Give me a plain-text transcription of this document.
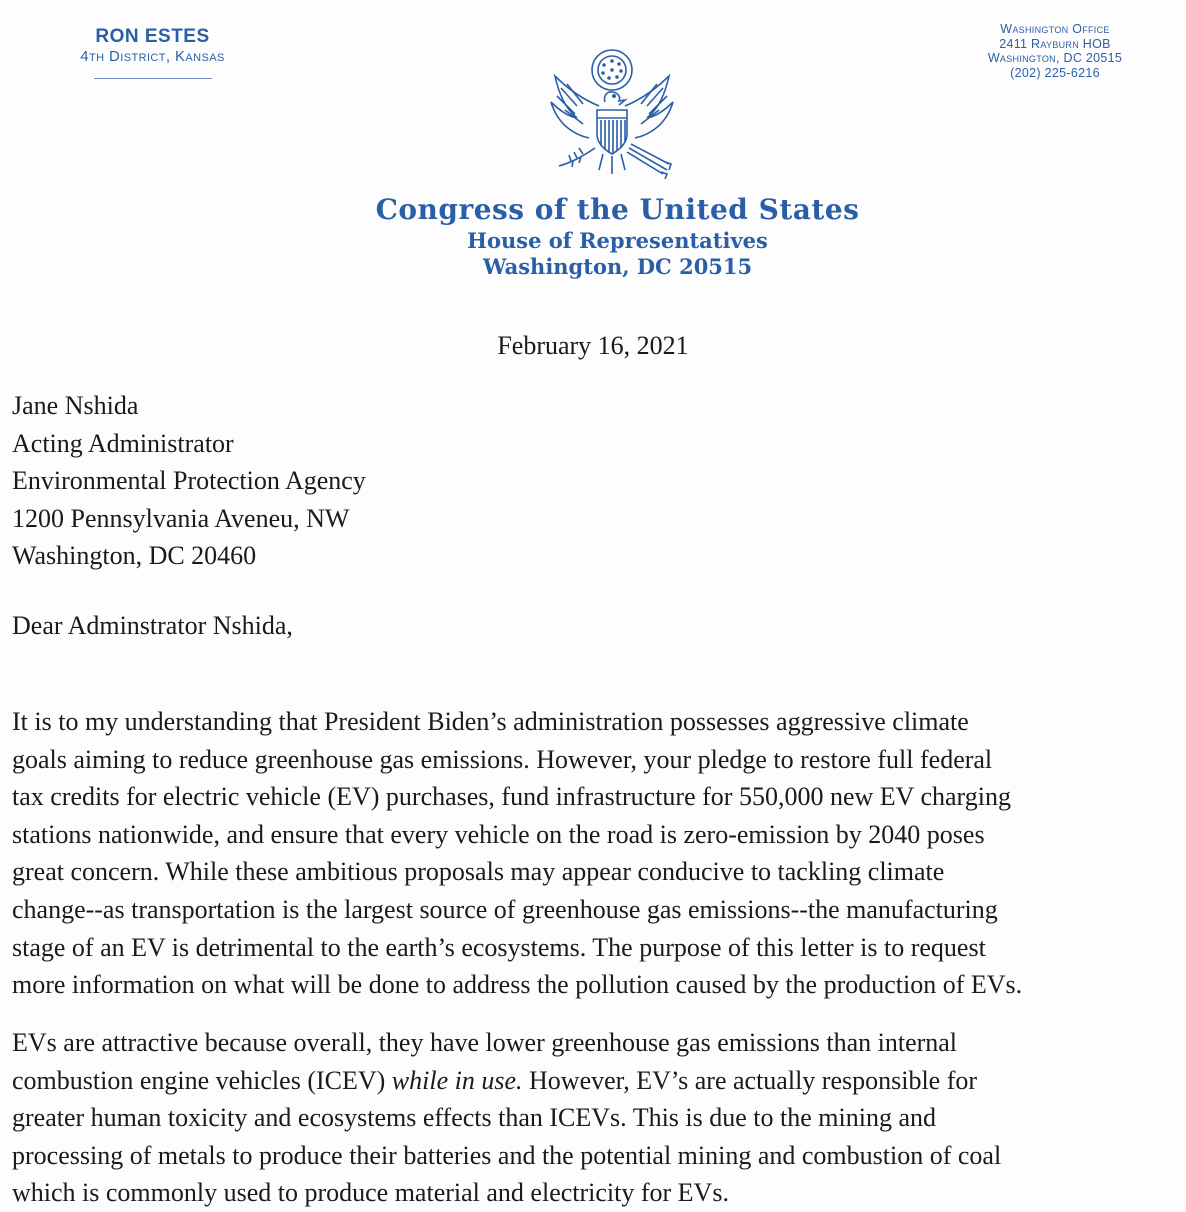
RON ESTES
4th District, Kansas
Washington Office
2411 Rayburn HOB
Washington, DC 20515
(202) 225-6216
Congress of the United States
House of Representatives
Washington, DC 20515
February 16, 2021
Jane Nshida
Acting Administrator
Environmental Protection Agency
1200 Pennsylvania Aveneu, NW
Washington, DC 20460
Dear Adminstrator Nshida,
It is to my understanding that President Biden’s administration possesses aggressive climate
goals aiming to reduce greenhouse gas emissions. However, your pledge to restore full federal
tax credits for electric vehicle (EV) purchases, fund infrastructure for 550,000 new EV charging
stations nationwide, and ensure that every vehicle on the road is zero-emission by 2040 poses
great concern. While these ambitious proposals may appear conducive to tackling climate
change--as transportation is the largest source of greenhouse gas emissions--the manufacturing
stage of an EV is detrimental to the earth’s ecosystems. The purpose of this letter is to request
more information on what will be done to address the pollution caused by the production of EVs.
EVs are attractive because overall, they have lower greenhouse gas emissions than internal
combustion engine vehicles (ICEV) while in use. However, EV’s are actually responsible for
greater human toxicity and ecosystems effects than ICEVs. This is due to the mining and
processing of metals to produce their batteries and the potential mining and combustion of coal
which is commonly used to produce material and electricity for EVs.
